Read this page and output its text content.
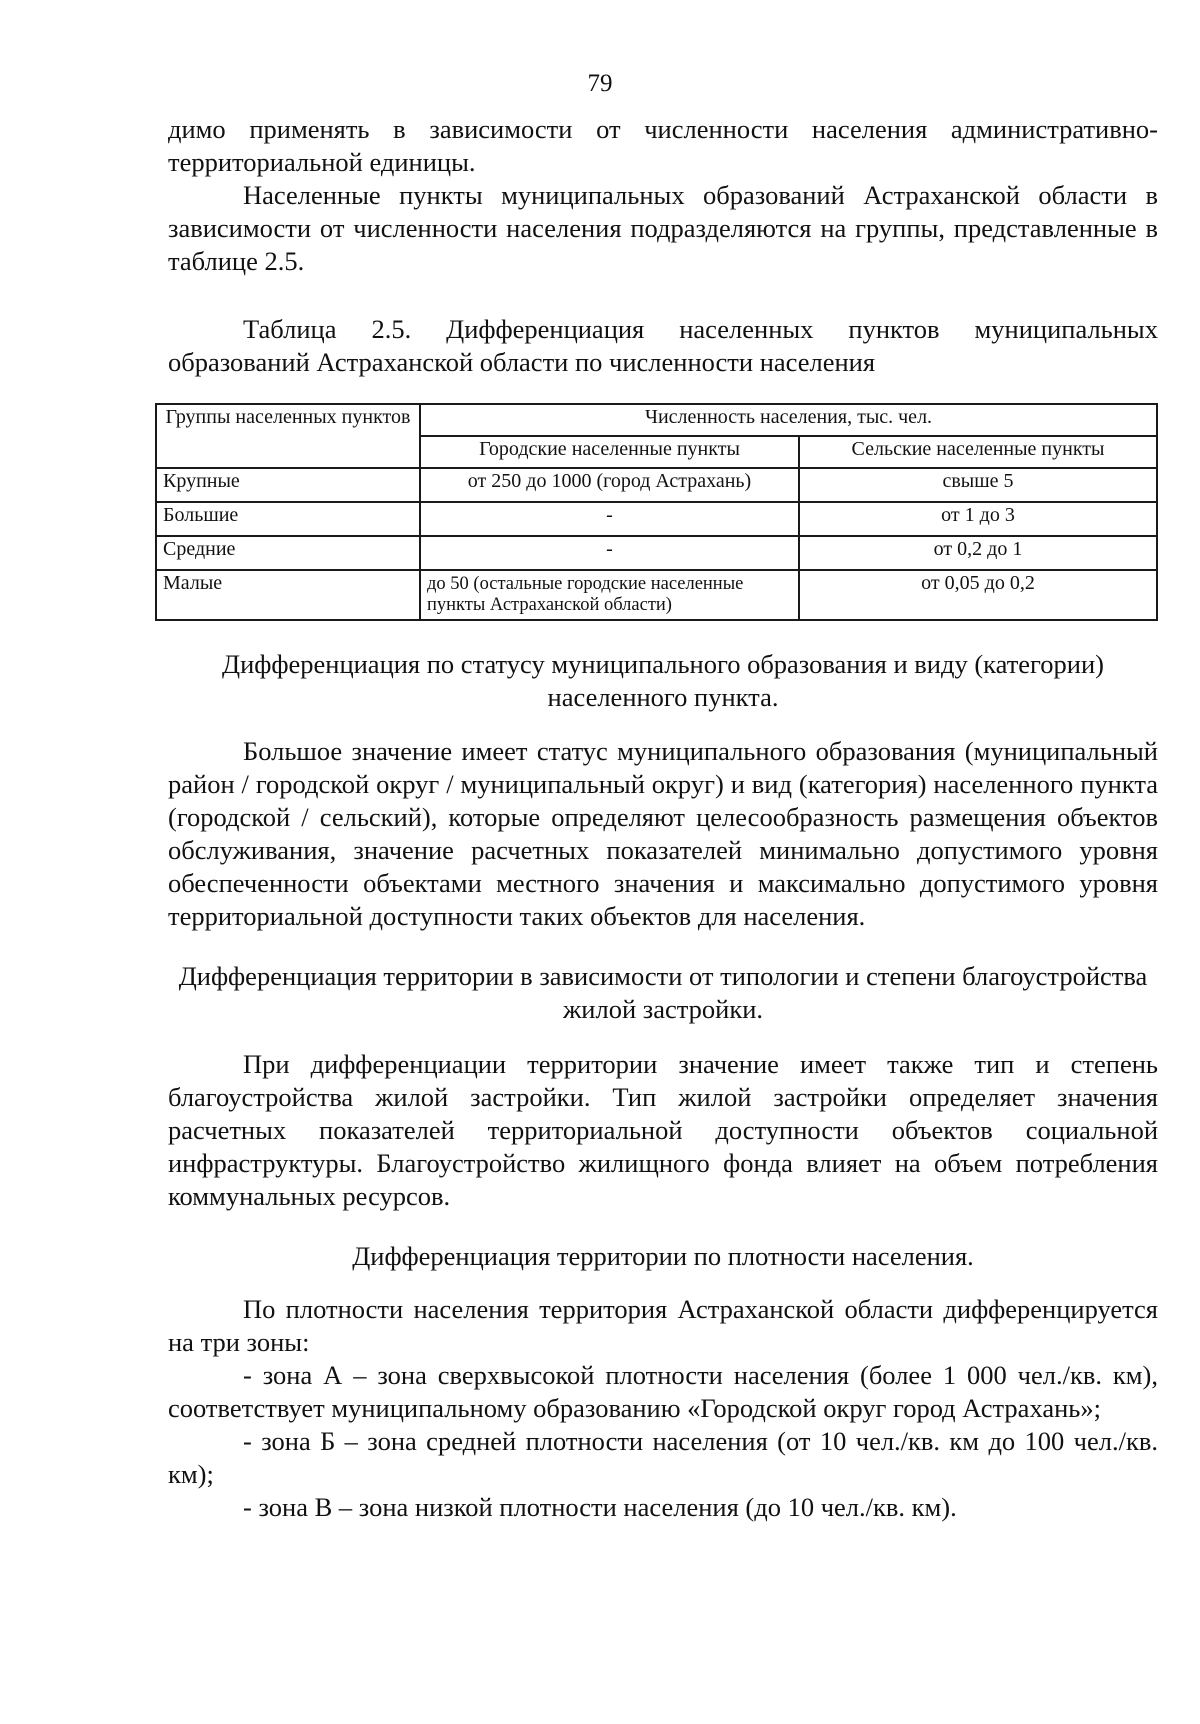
79

димо применять в зависимости от численности населения административно-территориальной единицы.

Населенные пункты муниципальных образований Астраханской области в зависимости от численности населения подразделяются на группы, представленные в таблице 2.5.

Таблица 2.5. Дифференциация населенных пунктов муниципальных образований Астраханской области по численности населения

Группы населенных пунктов	Численность населения, тыс. чел.	
	Городские населенные пункты	Сельские населенные пункты
Крупные	от 250 до 1000 (город Астрахань)	свыше 5
Большие	-	от 1 до 3
Средние	-	от 0,2 до 1
Малые	до 50 (остальные городские населенные пункты Астраханской области)	от 0,05 до 0,2
Дифференциация по статусу муниципального образования и виду (категории) населенного пункта.

Большое значение имеет статус муниципального образования (муниципальный район / городской округ / муниципальный округ) и вид (категория) населенного пункта (городской / сельский), которые определяют целесообразность размещения объектов обслуживания, значение расчетных показателей минимально допустимого уровня обеспеченности объектами местного значения и максимально допустимого уровня территориальной доступности таких объектов для населения.

Дифференциация территории в зависимости от типологии и степени благоустройства жилой застройки.

При дифференциации территории значение имеет также тип и степень благоустройства жилой застройки. Тип жилой застройки определяет значения расчетных показателей территориальной доступности объектов социальной инфраструктуры. Благоустройство жилищного фонда влияет на объем потребления коммунальных ресурсов.

Дифференциация территории по плотности населения.

По плотности населения территория Астраханской области дифференцируется на три зоны:

- зона А – зона сверхвысокой плотности населения (более 1 000 чел./кв. км), соответствует муниципальному образованию «Городской округ город Астрахань»;

- зона Б – зона средней плотности населения (от 10 чел./кв. км до 100 чел./кв. км);

- зона В – зона низкой плотности населения (до 10 чел./кв. км).
